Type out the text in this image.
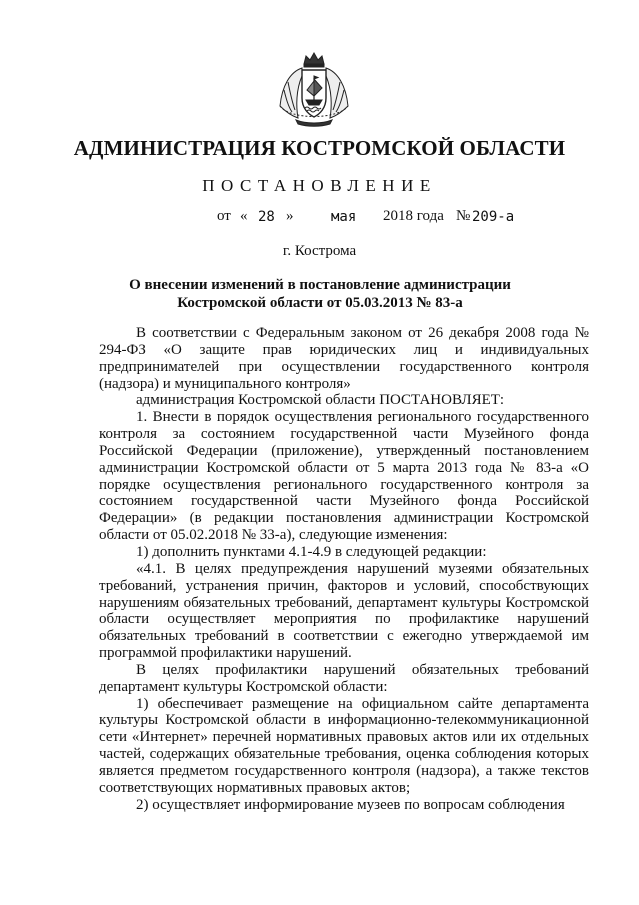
АДМИНИСТРАЦИЯ КОСТРОМСКОЙ ОБЛАСТИ
ПОСТАНОВЛЕНИЕ
от « 28 »	мая 2018 года № 209-а
г. Кострома
О внесении изменений в постановление администрации
Костромской области от 05.03.2013 № 83-а

В соответствии с Федеральным законом от 26 декабря 2008 года № 294-ФЗ «О защите прав юридических лиц и индивидуальных предпринимателей при осуществлении государственного контроля (надзора) и муниципального контроля»

администрация Костромской области ПОСТАНОВЛЯЕТ:

1. Внести в порядок осуществления регионального государственного контроля за состоянием государственной части Музейного фонда Российской Федерации (приложение), утвержденный постановлением администрации Костромской области от 5 марта 2013 года № 83-а «О порядке осуществления регионального государственного контроля за состоянием государственной части Музейного фонда Российской Федерации» (в редакции постановления администрации Костромской области от 05.02.2018 № 33-а), следующие изменения:

1) дополнить пунктами 4.1-4.9 в следующей редакции:

«4.1. В целях предупреждения нарушений музеями обязательных требований, устранения причин, факторов и условий, способствующих нарушениям обязательных требований, департамент культуры Костромской области осуществляет мероприятия по профилактике нарушений обязательных требований в соответствии с ежегодно утверждаемой им программой профилактики нарушений.

В целях профилактики нарушений обязательных требований департамент культуры Костромской области:

1) обеспечивает размещение на официальном сайте департамента культуры Костромской области в информационно-телекоммуникационной сети «Интернет» перечней нормативных правовых актов или их отдельных частей, содержащих обязательные требования, оценка соблюдения которых является предметом государственного контроля (надзора), а также текстов соответствующих нормативных правовых актов;

2) осуществляет информирование музеев по вопросам соблюдения
